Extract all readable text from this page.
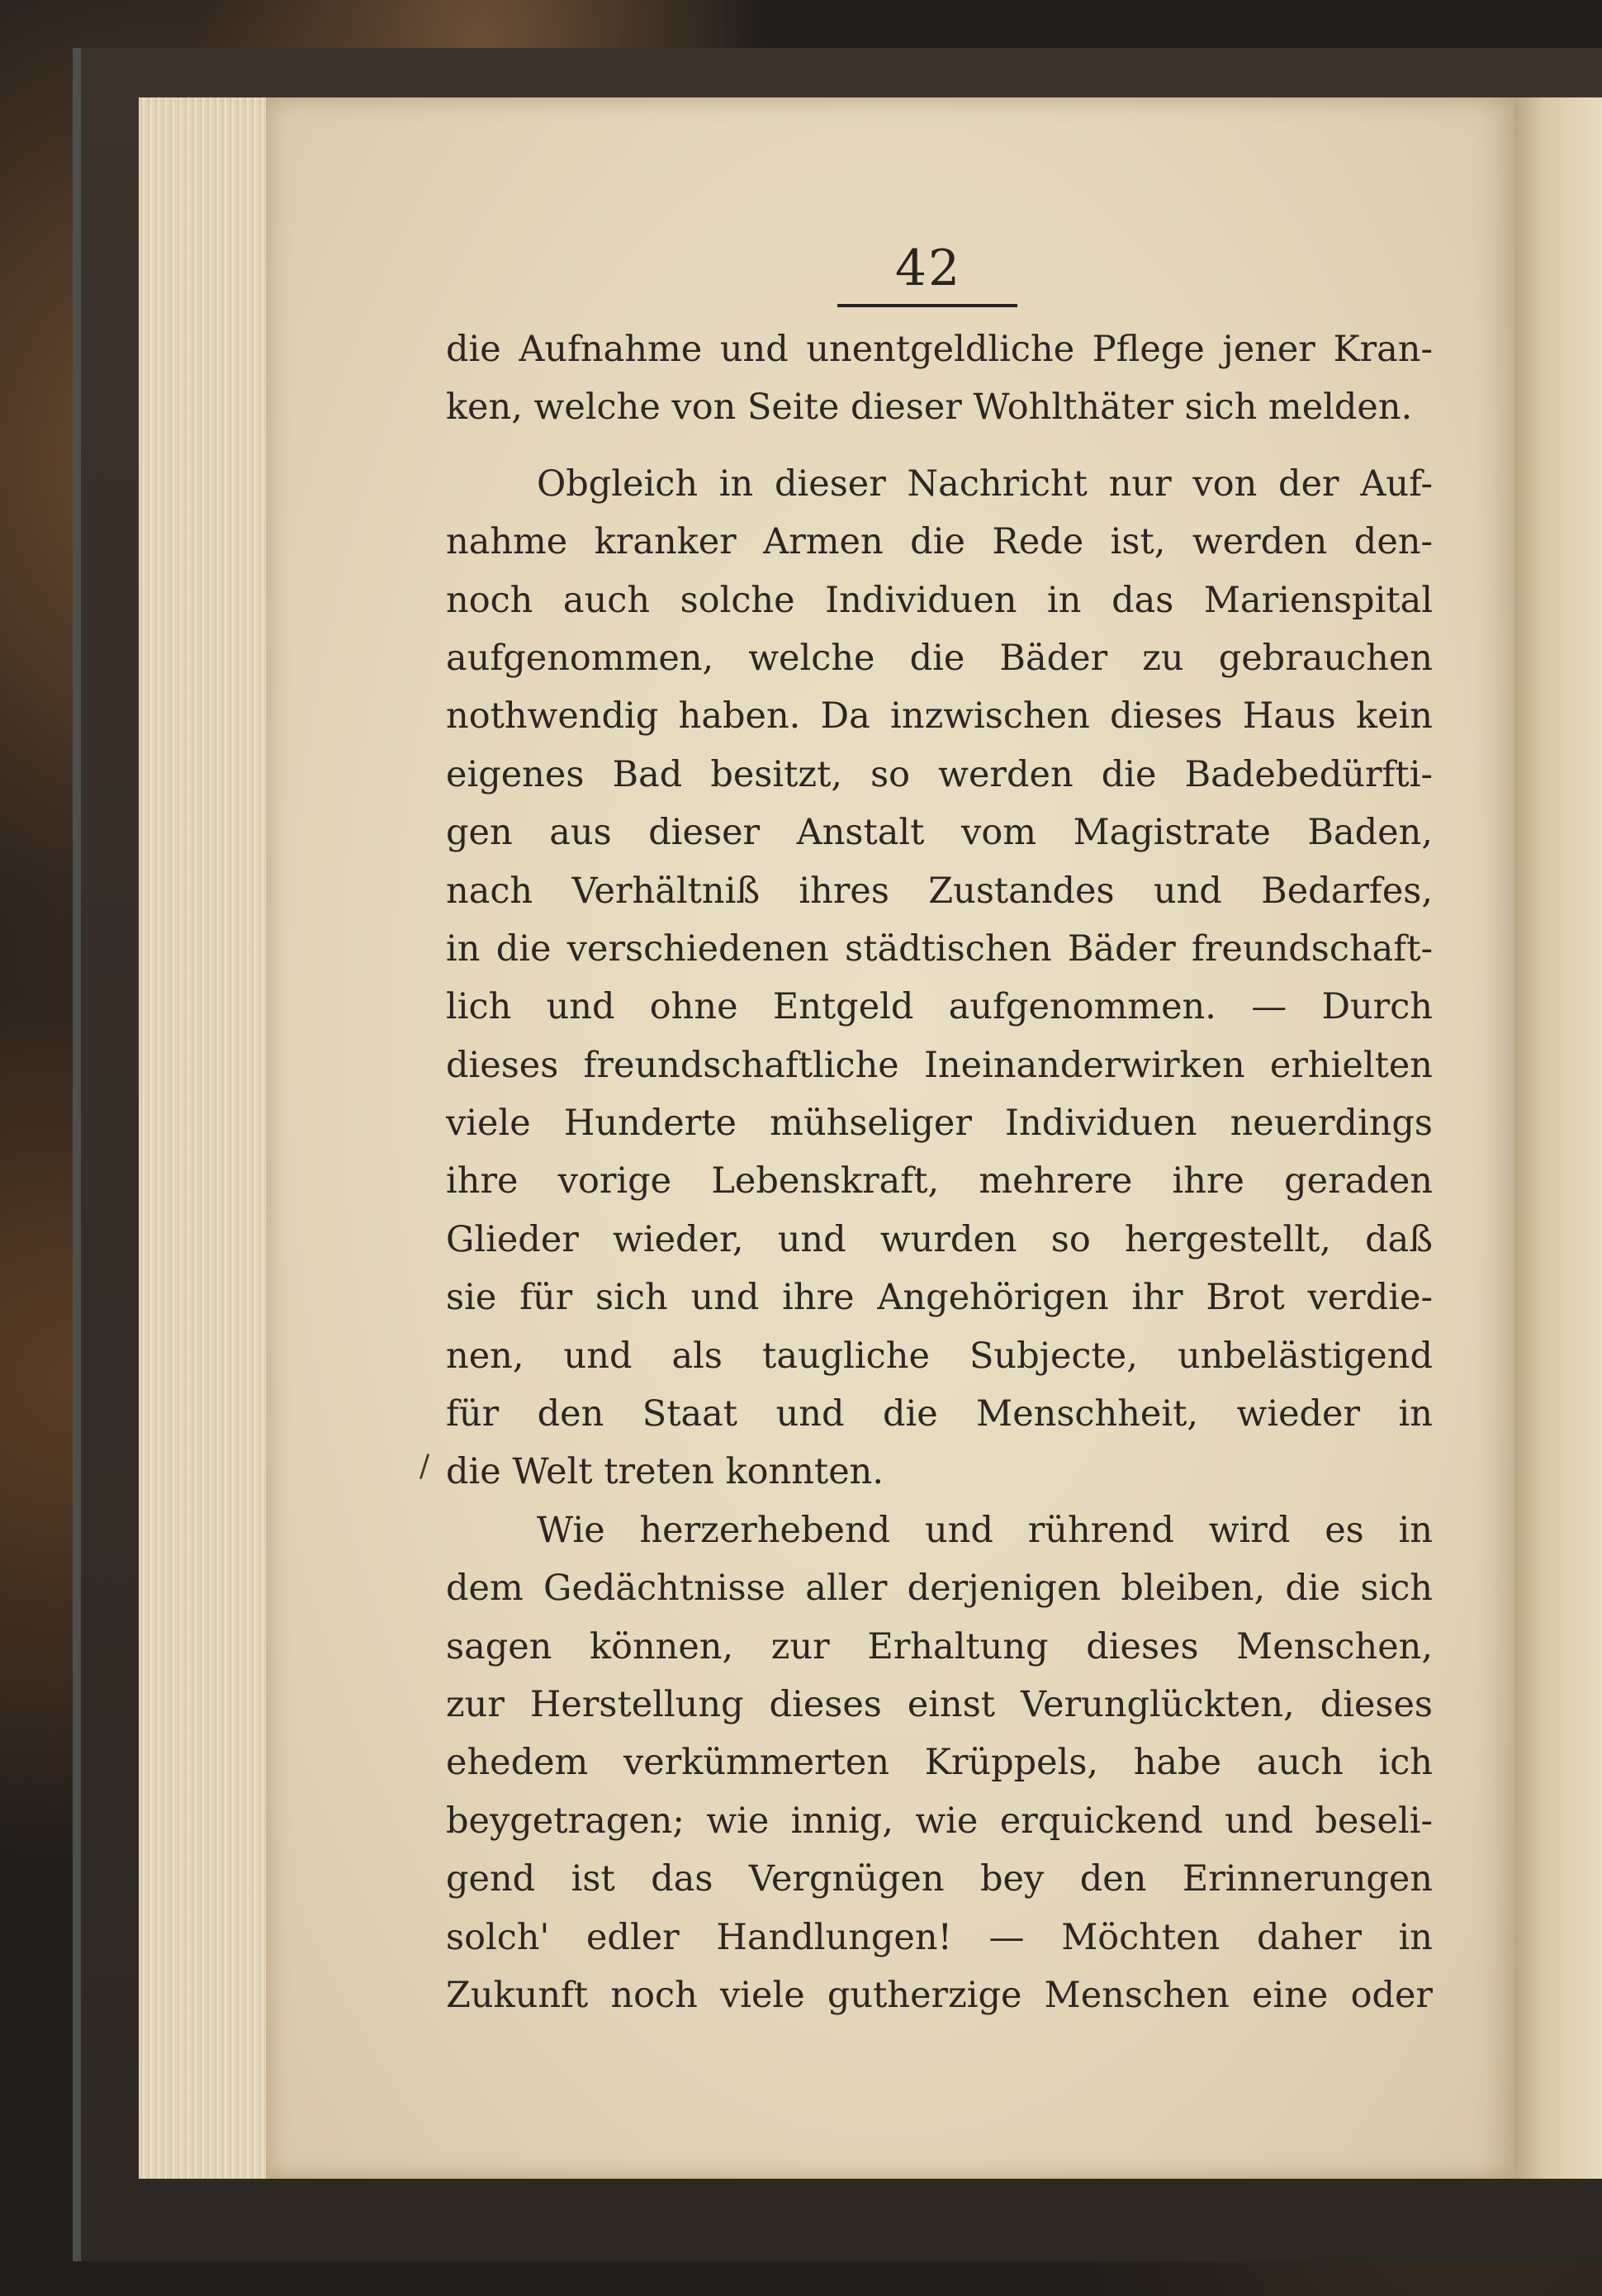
42
/
die Aufnahme und unentgeldliche Pflege jener Kran-
ken, welche von Seite dieser Wohlthäter sich melden.
Obgleich in dieser Nachricht nur von der Auf-
nahme kranker Armen die Rede ist, werden den-
noch auch solche Individuen in das Marienspital
aufgenommen, welche die Bäder zu gebrauchen
nothwendig haben. Da inzwischen dieses Haus kein
eigenes Bad besitzt, so werden die Badebedürfti-
gen aus dieser Anstalt vom Magistrate Baden,
nach Verhältniß ihres Zustandes und Bedarfes,
in die verschiedenen städtischen Bäder freundschaft-
lich und ohne Entgeld aufgenommen. — Durch
dieses freundschaftliche Ineinanderwirken erhielten
viele Hunderte mühseliger Individuen neuerdings
ihre vorige Lebenskraft, mehrere ihre geraden
Glieder wieder, und wurden so hergestellt, daß
sie für sich und ihre Angehörigen ihr Brot verdie-
nen, und als taugliche Subjecte, unbelästigend
für den Staat und die Menschheit, wieder in
die Welt treten konnten.
Wie herzerhebend und rührend wird es in
dem Gedächtnisse aller derjenigen bleiben, die sich
sagen können, zur Erhaltung dieses Menschen,
zur Herstellung dieses einst Verunglückten, dieses
ehedem verkümmerten Krüppels, habe auch ich
beygetragen; wie innig, wie erquickend und beseli-
gend ist das Vergnügen bey den Erinnerungen
solch' edler Handlungen! — Möchten daher in
Zukunft noch viele gutherzige Menschen eine oder
